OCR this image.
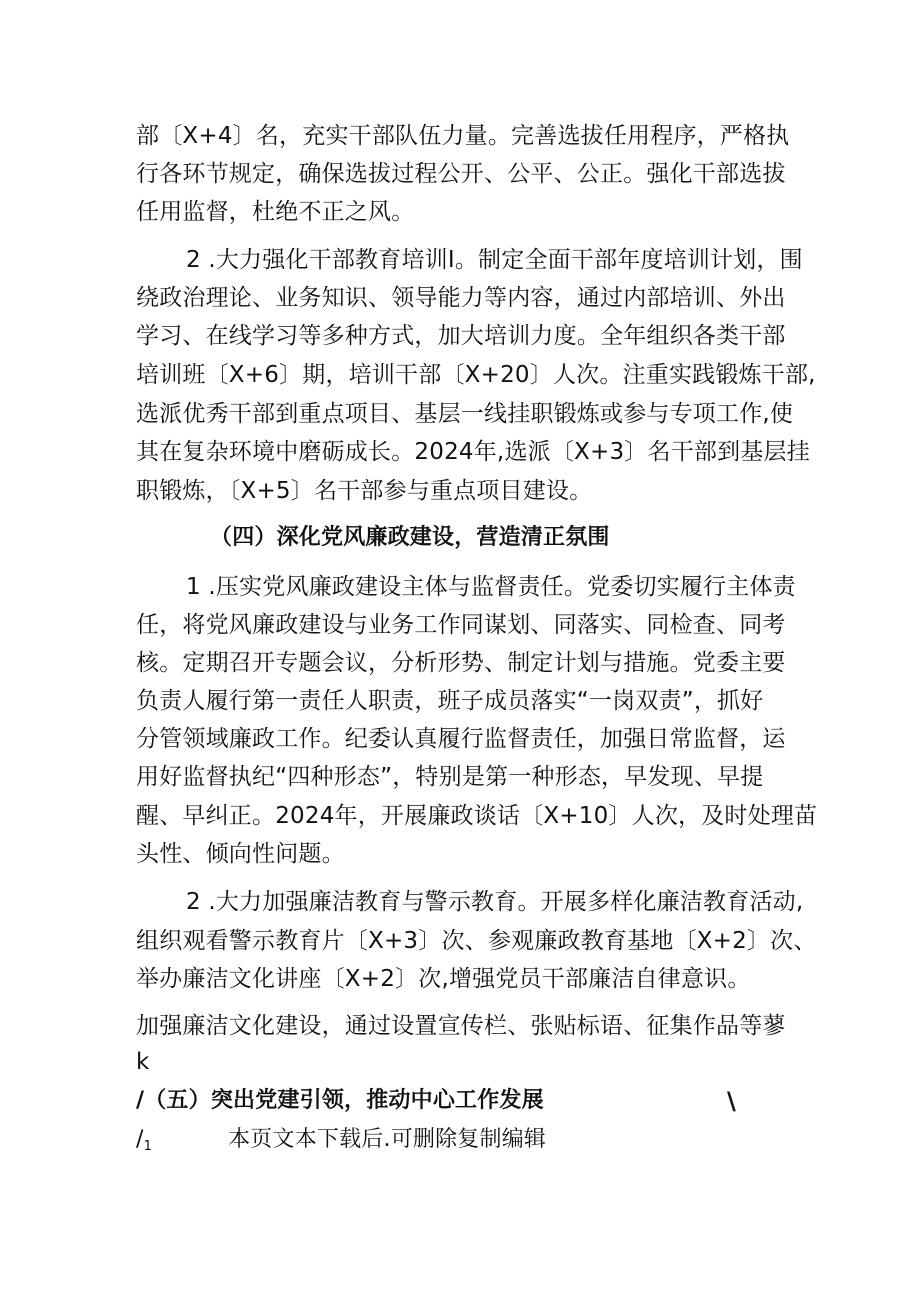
部〔X+4〕名，充实干部队伍力量。完善选拔任用程序，严格执
行各环节规定，确保选拔过程公开、公平、公正。强化干部选拔
任用监督，杜绝不正之风。
2 .大力强化干部教育培训I。制定全面干部年度培训计划，围
绕政治理论、业务知识、领导能力等内容，通过内部培训、外出
学习、在线学习等多种方式，加大培训力度。全年组织各类干部
培训班〔X+6〕期，培训干部〔X+20〕人次。注重实践锻炼干部,
选派优秀干部到重点项目、基层一线挂职锻炼或参与专项工作,使
其在复杂环境中磨砺成长。2024年,选派〔X+3〕名干部到基层挂
职锻炼，〔X+5〕名干部参与重点项目建设。
（四）深化党风廉政建设，营造清正氛围
1 .压实党风廉政建设主体与监督责任。党委切实履行主体责
任，将党风廉政建设与业务工作同谋划、同落实、同检查、同考
核。定期召开专题会议，分析形势、制定计划与措施。党委主要
负责人履行第一责任人职责，班子成员落实“一岗双责”，抓好
分管领域廉政工作。纪委认真履行监督责任，加强日常监督，运
用好监督执纪“四种形态”，特别是第一种形态，早发现、早提
醒、早纠正。2024年，开展廉政谈话〔X+10〕人次，及时处理苗
头性、倾向性问题。
2 .大力加强廉洁教育与警示教育。开展多样化廉洁教育活动,
组织观看警示教育片〔X+3〕次、参观廉政教育基地〔X+2〕次、
举办廉洁文化讲座〔X+2〕次,增强党员干部廉洁自律意识。
加强廉洁文化建设，通过设置宣传栏、张贴标语、征集作品等蓼
k
/（五）突出党建引领，推动中心工作发展	\
/1	本页文本下载后.可删除复制编辑
